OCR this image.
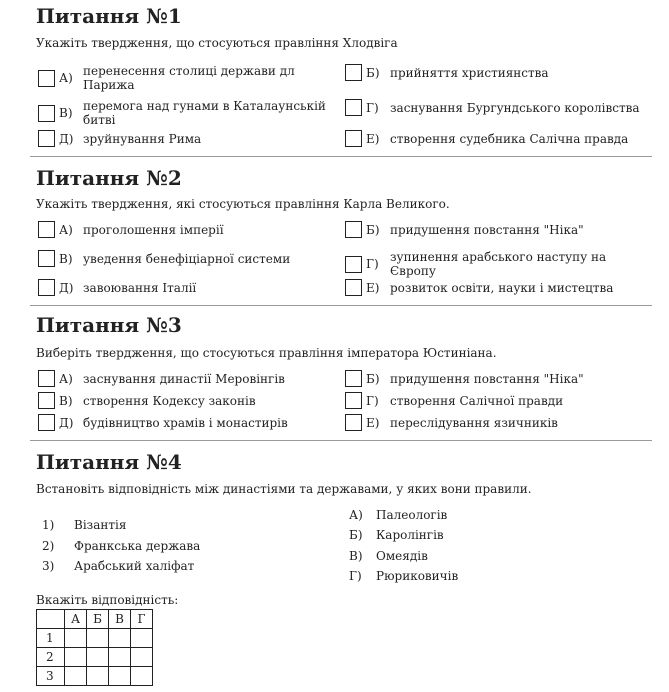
Питання №1
Укажіть твердження, що стосуються правління Хлодвіга
А) перенесення столиці держави дл Парижа
Б) прийняття християнства
В) перемога над гунами в Каталаунській битві
Г) заснування Бургундського королівства
Д) зруйнування Рима	Е) створення судебника Салічна правда
Питання №2
Укажіть твердження, які стосуються правління Карла Великого.
А) проголошення імперії	Б) придушення повстання "Ніка"
В) уведення бенефіціарної системи	Г) зупинення арабського наступу на Європу
Д) завоювання Італії	Е) розвиток освіти, науки і мистецтва
Питання №3
Виберіть твердження, що стосуються правління імператора Юстиніана.
А) заснування династії Меровінгів	Б) придушення повстання "Ніка"
В) створення Кодексу законів	Г) створення Салічної правди
Д) будівництво храмів і монастирів	Е) переслідування язичників
Питання №4
Встановіть відповідність між династіями та державами, у яких вони правили.
1)	Візантія
2)	Франкська держава
3)	Арабський халіфат
А)	Палеологів
Б)	Каролінгів
В)	Омеядів
Г)	Рюриковичів
Вкажіть відповідність:
	А	Б	В	Г
1				
2				
3				
